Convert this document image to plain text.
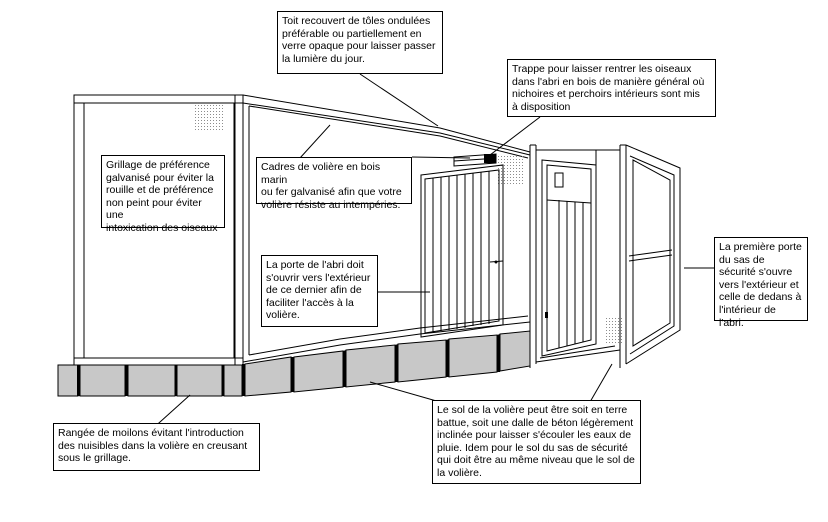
Toit recouvert de tôles ondulées
préférable ou partiellement en
verre opaque pour laisser passer
la lumière du jour.
Trappe pour laisser rentrer les oiseaux
dans l'abri en bois de manière général où
nichoires et perchoirs intérieurs sont mis
à disposition
Grillage de préférence
galvanisé pour éviter la
rouille et de préférence
non peint pour éviter une
intoxication des oiseaux
Cadres de volière en bois marin
ou fer galvanisé afin que votre
volière résiste au intempéries.
La porte de l'abri doit
s'ouvrir vers l'extérieur
de ce dernier afin de
faciliter l'accès à la
volière.
La première porte
du sas de
sécurité s'ouvre
vers l'extérieur et
celle de dedans à
l'intérieur de l'abri.
Rangée de moilons évitant l'introduction
des nuisibles dans la volière en creusant
sous le grillage.
Le sol de la volière peut être soit en terre
battue, soit une dalle de béton légèrement
inclinée pour laisser s'écouler les eaux de
pluie. Idem pour le sol du sas de sécurité
qui doit être au même niveau que le sol de
la volière.
